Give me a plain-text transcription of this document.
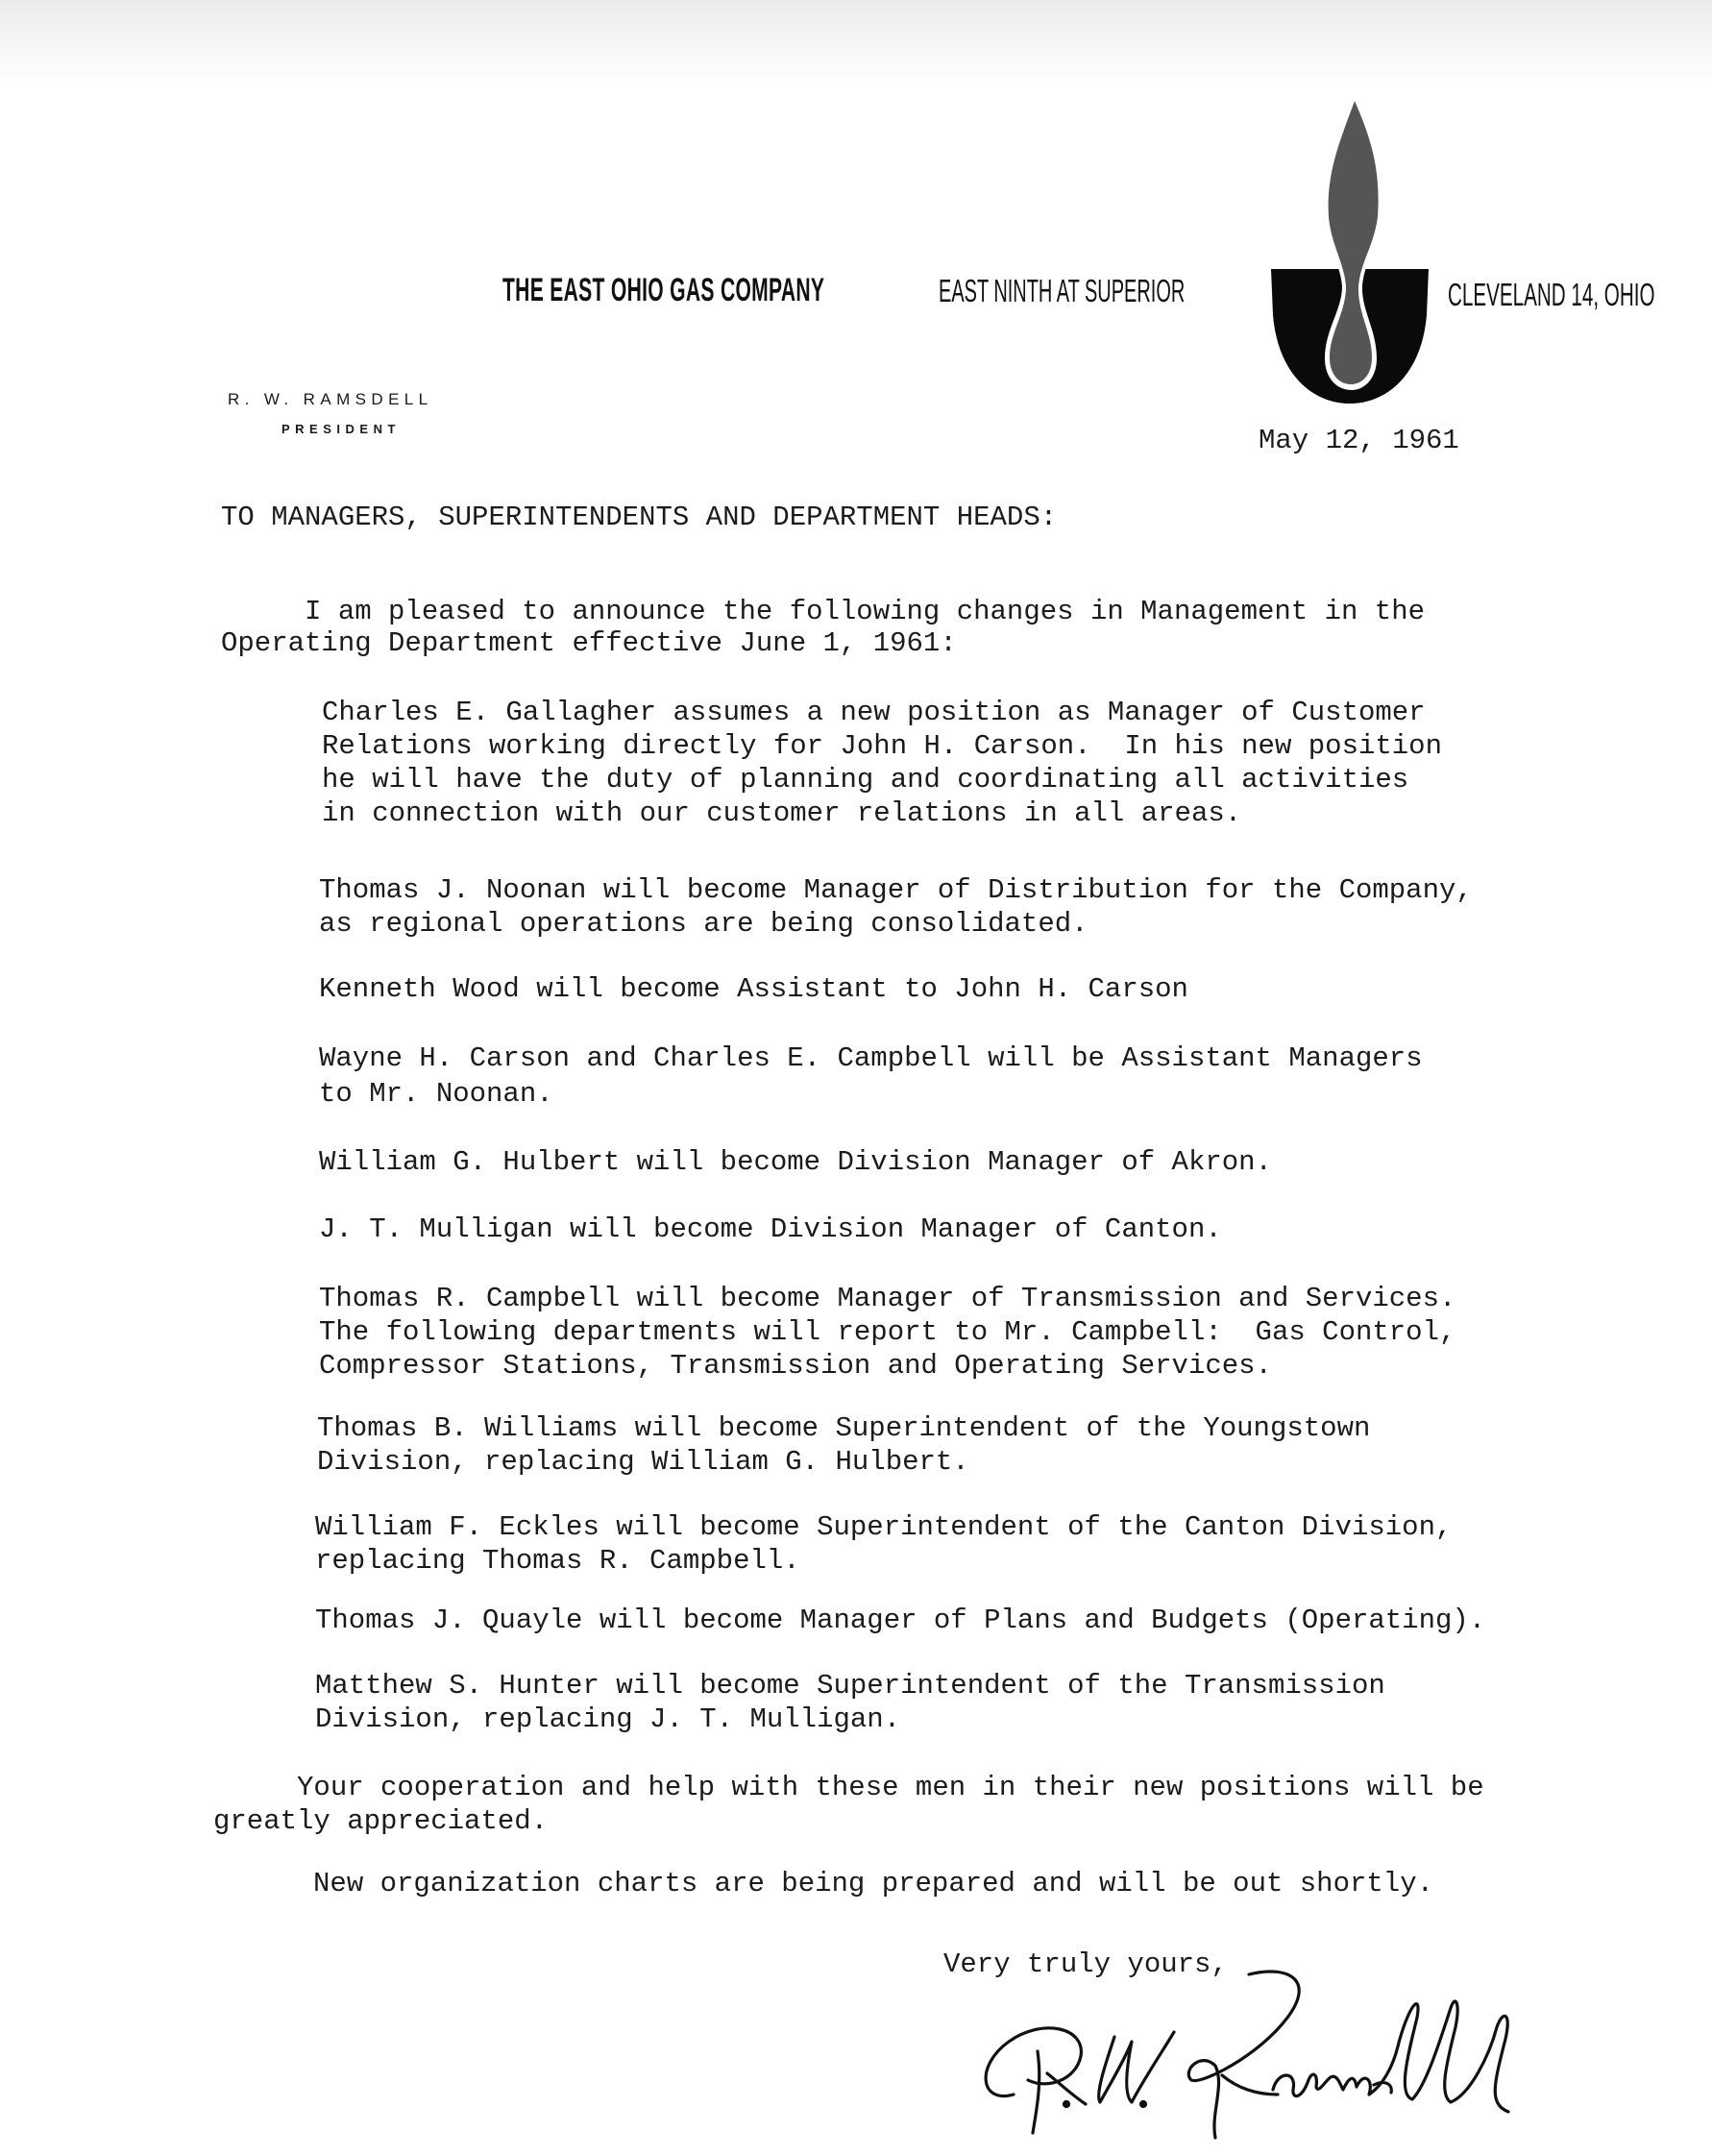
THE EAST OHIO GAS COMPANY	EAST NINTH AT SUPERIOR	CLEVELAND 14, OHIO
R. W. RAMSDELL
PRESIDENT	May 12, 1961
TO MANAGERS, SUPERINTENDENTS AND DEPARTMENT HEADS:
I am pleased to announce the following changes in Management in the
Operating Department effective June 1, 1961:
Charles E. Gallagher assumes a new position as Manager of Customer
Relations working directly for John H. Carson.  In his new position
he will have the duty of planning and coordinating all activities
in connection with our customer relations in all areas.
Thomas J. Noonan will become Manager of Distribution for the Company,
as regional operations are being consolidated.
Kenneth Wood will become Assistant to John H. Carson
Wayne H. Carson and Charles E. Campbell will be Assistant Managers
to Mr. Noonan.
William G. Hulbert will become Division Manager of Akron.
J. T. Mulligan will become Division Manager of Canton.
Thomas R. Campbell will become Manager of Transmission and Services.
The following departments will report to Mr. Campbell:  Gas Control,
Compressor Stations, Transmission and Operating Services.
Thomas B. Williams will become Superintendent of the Youngstown
Division, replacing William G. Hulbert.
William F. Eckles will become Superintendent of the Canton Division,
replacing Thomas R. Campbell.
Thomas J. Quayle will become Manager of Plans and Budgets (Operating).
Matthew S. Hunter will become Superintendent of the Transmission
Division, replacing J. T. Mulligan.
Your cooperation and help with these men in their new positions will be
greatly appreciated.
New organization charts are being prepared and will be out shortly.
Very truly yours,
